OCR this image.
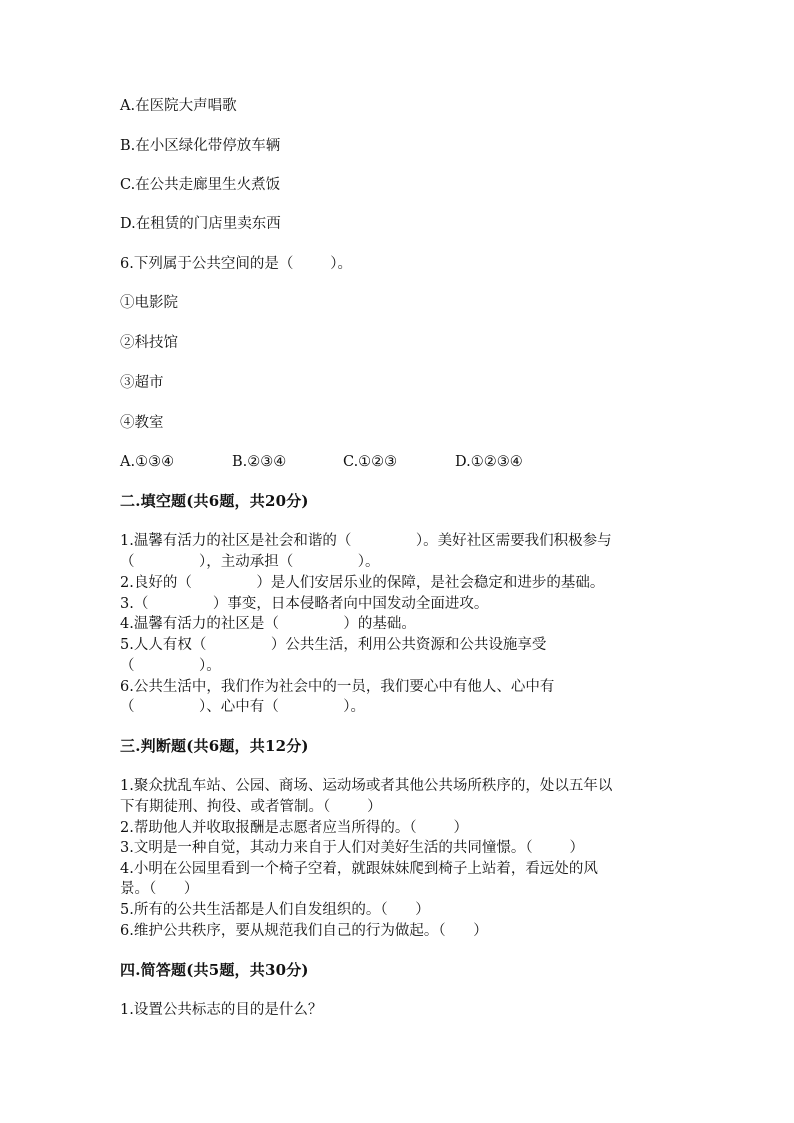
A.在医院大声唱歌
B.在小区绿化带停放车辆
C.在公共走廊里生火煮饭
D.在租赁的门店里卖东西
6.下列属于公共空间的是（        ）。
①电影院
②科技馆
③超市
④教室
A.①③④	B.②③④	C.①②③	D.①②③④
二.填空题(共6题，共20分)
1.温馨有活力的社区是社会和谐的（              ）。美好社区需要我们积极参与
（              ），主动承担（              ）。
2.良好的（              ）是人们安居乐业的保障，是社会稳定和进步的基础。
3.（              ）事变，日本侵略者向中国发动全面进攻。
4.温馨有活力的社区是（              ）的基础。
5.人人有权（              ）公共生活，利用公共资源和公共设施享受
（              ）。
6.公共生活中，我们作为社会中的一员，我们要心中有他人、心中有
（              ）、心中有（              ）。
三.判断题(共6题，共12分)
1.聚众扰乱车站、公园、商场、运动场或者其他公共场所秩序的，处以五年以
下有期徒刑、拘役、或者管制。（        ）
2.帮助他人并收取报酬是志愿者应当所得的。（        ）
3.文明是一种自觉，其动力来自于人们对美好生活的共同憧憬。（        ）
4.小明在公园里看到一个椅子空着，就跟妹妹爬到椅子上站着，看远处的风
景。（      ）
5.所有的公共生活都是人们自发组织的。（      ）
6.维护公共秩序，要从规范我们自己的行为做起。（      ）
四.简答题(共5题，共30分)
1.设置公共标志的目的是什么？
